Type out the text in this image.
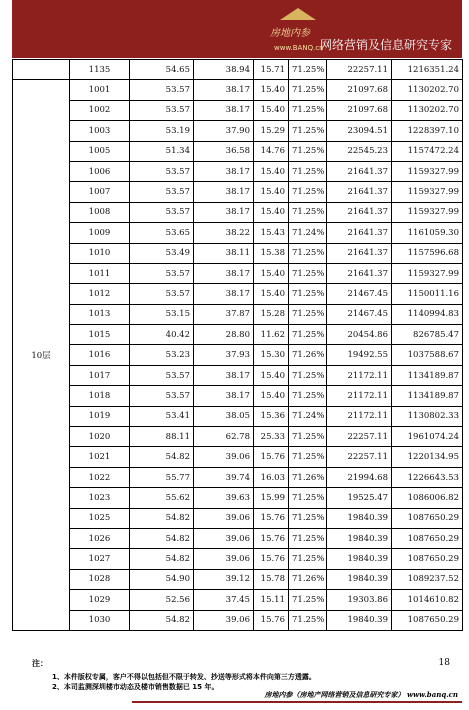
房地内参
www.BANQ.cn
网络营销及信息研究专家
	1135	54.65	38.94	15.71	71.25%	22257.11	1216351.24
10层	1001	53.57	38.17	15.40	71.25%	21097.68	1130202.70
	1002	53.57	38.17	15.40	71.25%	21097.68	1130202.70
	1003	53.19	37.90	15.29	71.25%	23094.51	1228397.10
	1005	51.34	36.58	14.76	71.25%	22545.23	1157472.24
	1006	53.57	38.17	15.40	71.25%	21641.37	1159327.99
	1007	53.57	38.17	15.40	71.25%	21641.37	1159327.99
	1008	53.57	38.17	15.40	71.25%	21641.37	1159327.99
	1009	53.65	38.22	15.43	71.24%	21641.37	1161059.30
	1010	53.49	38.11	15.38	71.25%	21641.37	1157596.68
	1011	53.57	38.17	15.40	71.25%	21641.37	1159327.99
	1012	53.57	38.17	15.40	71.25%	21467.45	1150011.16
	1013	53.15	37.87	15.28	71.25%	21467.45	1140994.83
	1015	40.42	28.80	11.62	71.25%	20454.86	826785.47
	1016	53.23	37.93	15.30	71.26%	19492.55	1037588.67
	1017	53.57	38.17	15.40	71.25%	21172.11	1134189.87
	1018	53.57	38.17	15.40	71.25%	21172.11	1134189.87
	1019	53.41	38.05	15.36	71.24%	21172.11	1130802.33
	1020	88.11	62.78	25.33	71.25%	22257.11	1961074.24
	1021	54.82	39.06	15.76	71.25%	22257.11	1220134.95
	1022	55.77	39.74	16.03	71.26%	21994.68	1226643.53
	1023	55.62	39.63	15.99	71.25%	19525.47	1086006.82
	1025	54.82	39.06	15.76	71.25%	19840.39	1087650.29
	1026	54.82	39.06	15.76	71.25%	19840.39	1087650.29
	1027	54.82	39.06	15.76	71.25%	19840.39	1087650.29
	1028	54.90	39.12	15.78	71.26%	19840.39	1089237.52
	1029	52.56	37.45	15.11	71.25%	19303.86	1014610.82
	1030	54.82	39.06	15.76	71.25%	19840.39	1087650.29
注：
1、本件版权专属，客户不得以包括但不限于转发、抄送等形式将本件向第三方透露。
2、本司监测深圳楼市动态及楼市销售数据已 15 年。
18
房地内参（房地产网络营销及信息研究专家） www.banq.cn
